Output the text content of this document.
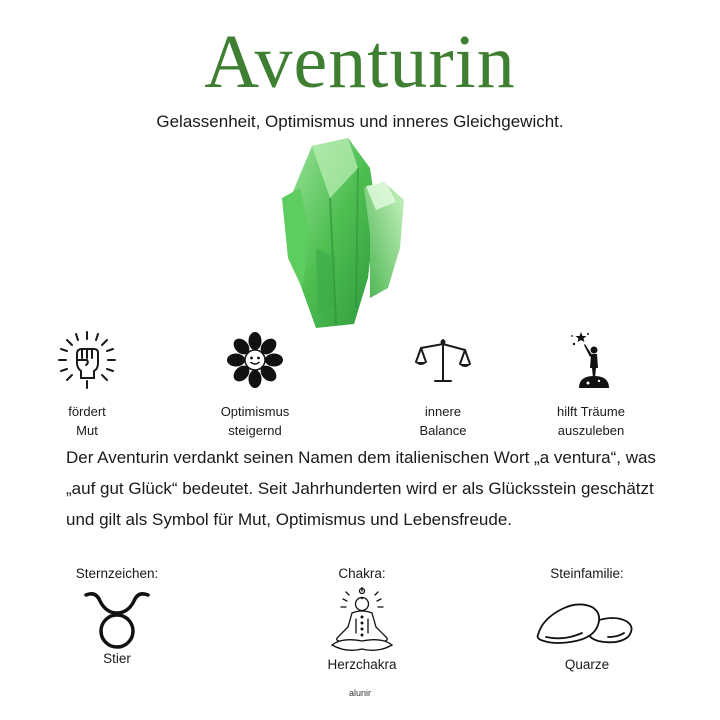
Aventurin
Gelassenheit, Optimismus und inneres Gleichgewicht.
fördert
Mut
Optimismus
steigernd
innere
Balance
hilft Träume
auszuleben

Der Aventurin verdankt seinen Namen dem italienischen Wort „a ventura“, was „auf gut Glück“ bedeutet. Seit Jahrhunderten wird er als Glücksstein geschätzt und gilt als Symbol für Mut, Optimismus und Lebensfreude.

Sternzeichen:
Stier
Chakra:
Herzchakra
Steinfamilie:
Quarze
alunir
